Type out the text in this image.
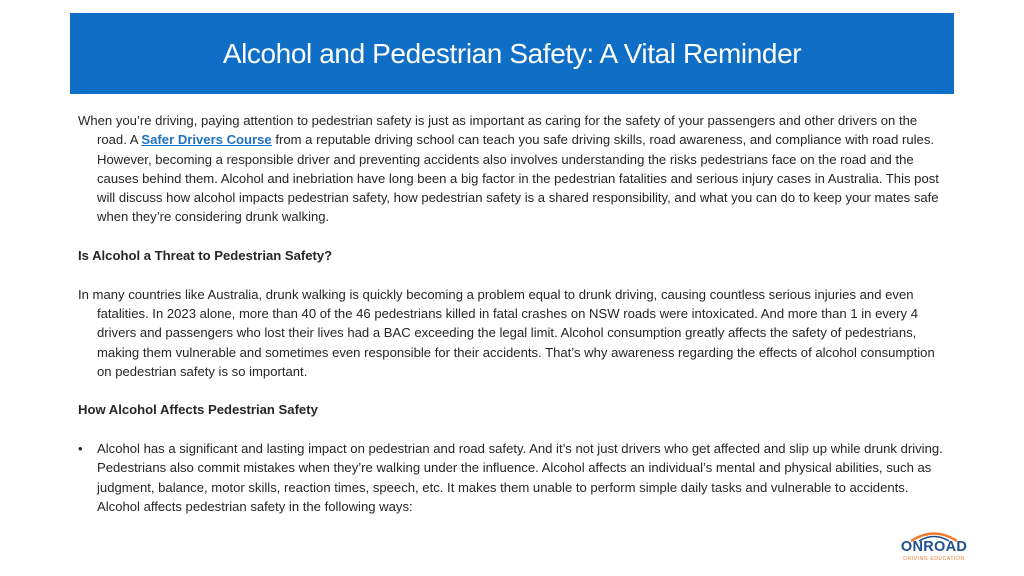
Alcohol and Pedestrian Safety: A Vital Reminder

When you’re driving, paying attention to pedestrian safety is just as important as caring for the safety of your passengers and other drivers on the road. A Safer Drivers Course from a reputable driving school can teach you safe driving skills, road awareness, and compliance with road rules. However, becoming a responsible driver and preventing accidents also involves understanding the risks pedestrians face on the road and the causes behind them. Alcohol and inebriation have long been a big factor in the pedestrian fatalities and serious injury cases in Australia. This post will discuss how alcohol impacts pedestrian safety, how pedestrian safety is a shared responsibility, and what you can do to keep your mates safe when they’re considering drunk walking.

Is Alcohol a Threat to Pedestrian Safety?

In many countries like Australia, drunk walking is quickly becoming a problem equal to drunk driving, causing countless serious injuries and even fatalities. In 2023 alone, more than 40 of the 46 pedestrians killed in fatal crashes on NSW roads were intoxicated. And more than 1 in every 4 drivers and passengers who lost their lives had a BAC exceeding the legal limit. Alcohol consumption greatly affects the safety of pedestrians, making them vulnerable and sometimes even responsible for their accidents. That’s why awareness regarding the effects of alcohol consumption on pedestrian safety is so important.

How Alcohol Affects Pedestrian Safety

•	Alcohol has a significant and lasting impact on pedestrian and road safety. And it’s not just drivers who get affected and slip up while drunk driving. Pedestrians also commit mistakes when they’re walking under the influence. Alcohol affects an individual’s mental and physical abilities, such as judgment, balance, motor skills, reaction times, speech, etc. It makes them unable to perform simple daily tasks and vulnerable to accidents. Alcohol affects pedestrian safety in the following ways:
ONROAD
DRIVING EDUCATION
